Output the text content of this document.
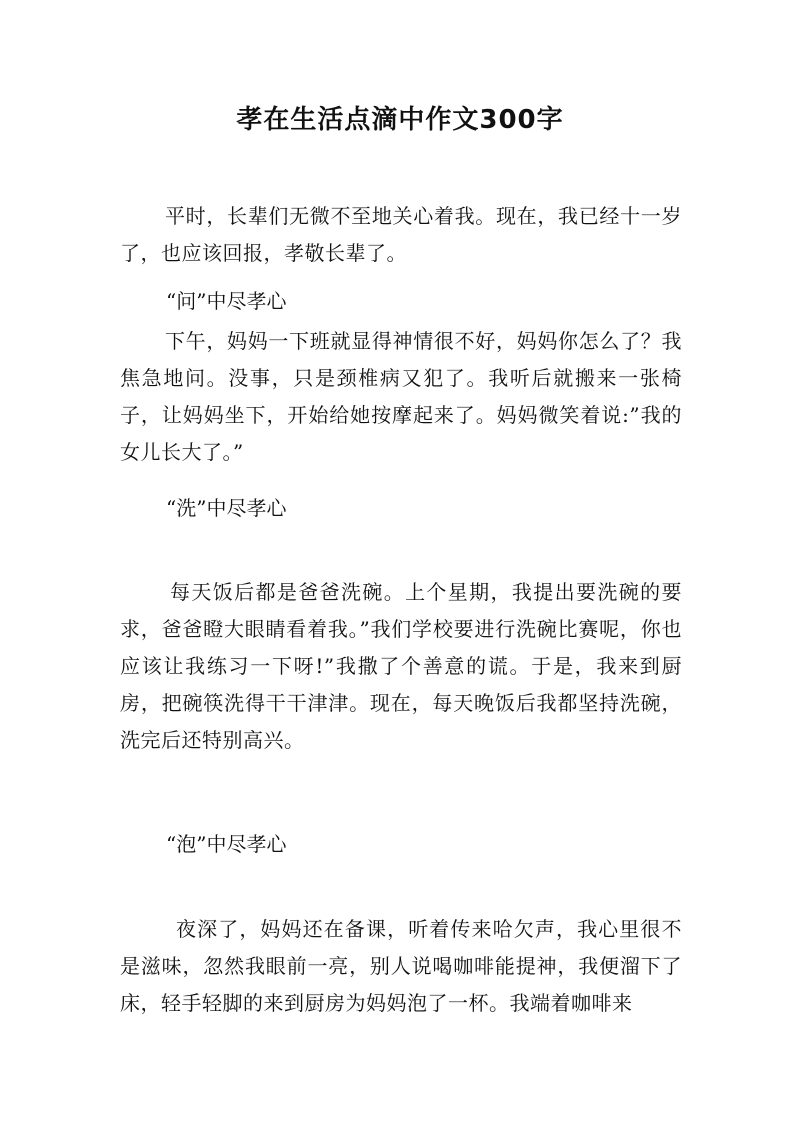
孝在生活点滴中作文300字
平时，长辈们无微不至地关心着我。现在，我已经十一岁了，也应该回报，孝敬长辈了。
“问”中尽孝心
下午，妈妈一下班就显得神情很不好，妈妈你怎么了？我焦急地问。没事，只是颈椎病又犯了。我听后就搬来一张椅子，让妈妈坐下，开始给她按摩起来了。妈妈微笑着说:”我的女儿长大了。”
“洗”中尽孝心
每天饭后都是爸爸洗碗。上个星期，我提出要洗碗的要求，爸爸瞪大眼睛看着我。”我们学校要进行洗碗比赛呢，你也应该让我练习一下呀!”我撒了个善意的谎。于是，我来到厨房，把碗筷洗得干干津津。现在，每天晚饭后我都坚持洗碗，洗完后还特别高兴。
“泡”中尽孝心
夜深了，妈妈还在备课，听着传来哈欠声，我心里很不是滋味，忽然我眼前一亮，别人说喝咖啡能提神，我便溜下了床，轻手轻脚的来到厨房为妈妈泡了一杯。我端着咖啡来
